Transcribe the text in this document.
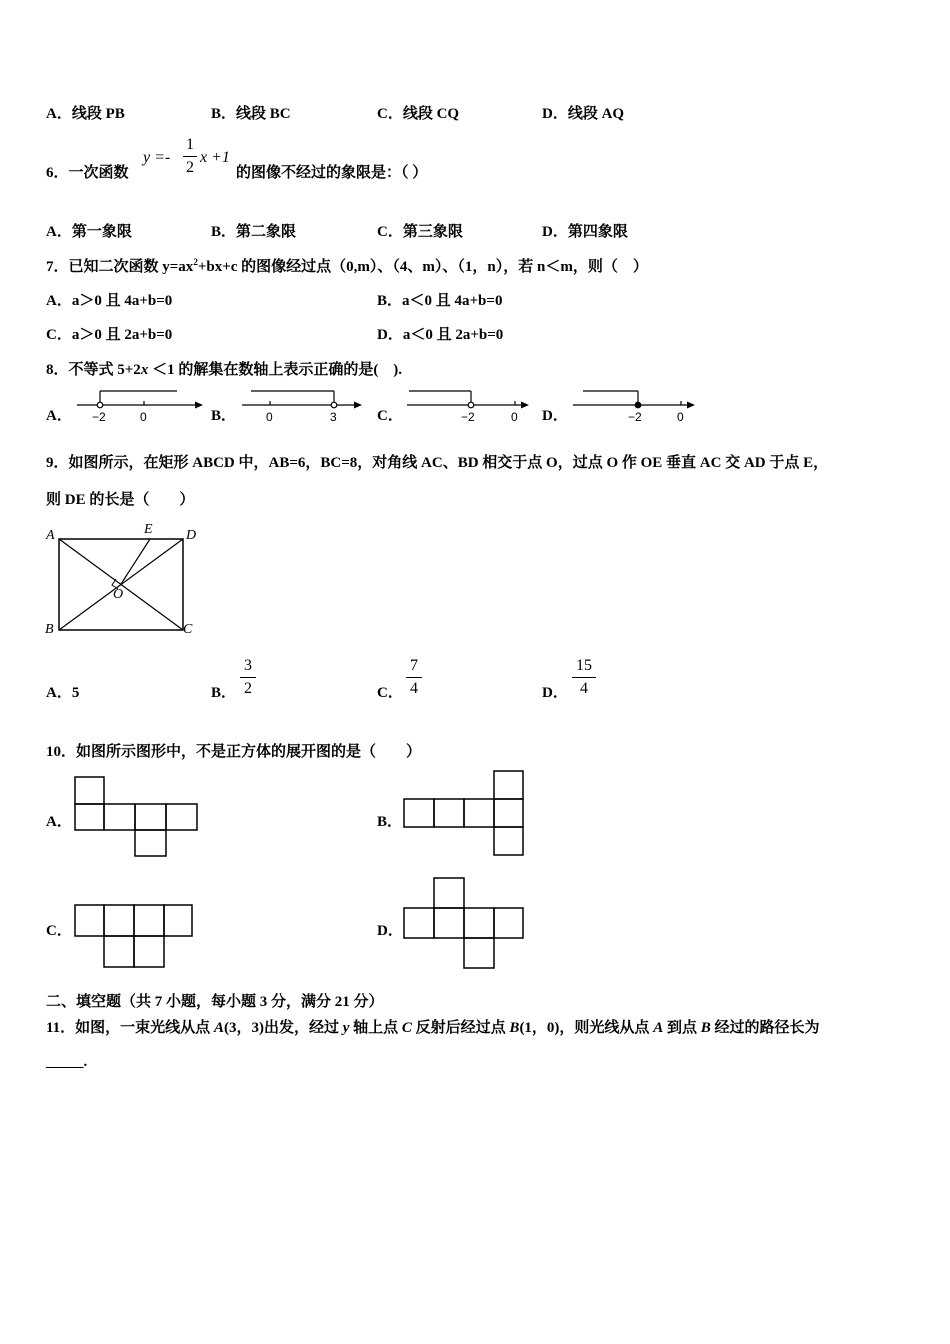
A．线段 PB	B．线段 BC	C．线段 CQ	D．线段 AQ
6．一次函数
y =-
1
2
x +1
的图像不经过的象限是：（ ）
A．第一象限	B．第二象限	C．第三象限	D．第四象限
7．已知二次函数 $y=ax^2+bx+c$ 的图像经过点（0,m）、（4、m）、（1，n），若 n＜m，则（　）
A．a＞0 且 4a+b=0	B．a＜0 且 4a+b=0
C．a＞0 且 2a+b=0	D．a＜0 且 2a+b=0
8．不等式 5+2x ＜1 的解集在数轴上表示正确的是(　).
A． −2	0	B． 0	3	C．	−2	0 D．	−2	0
9．如图所示，在矩形 ABCD 中，AB=6，BC=8，对角线 AC、BD 相交于点 O，过点 O 作 OE 垂直 AC 交 AD 于点 E，
则 DE 的长是（　　）
A	E D
O
B	C
A．5	B．
3
2	C．
7
4	D．
15
4
10．如图所示图形中，不是正方体的展开图的是（　　）
A．	B．
C．	D．
二、填空题（共 7 小题，每小题 3 分，满分 21 分）
11．如图，一束光线从点 A(3，3)出发，经过 y 轴上点 C 反射后经过点 B(1，0)，则光线从点 A 到点 B 经过的路径长为
_____.
